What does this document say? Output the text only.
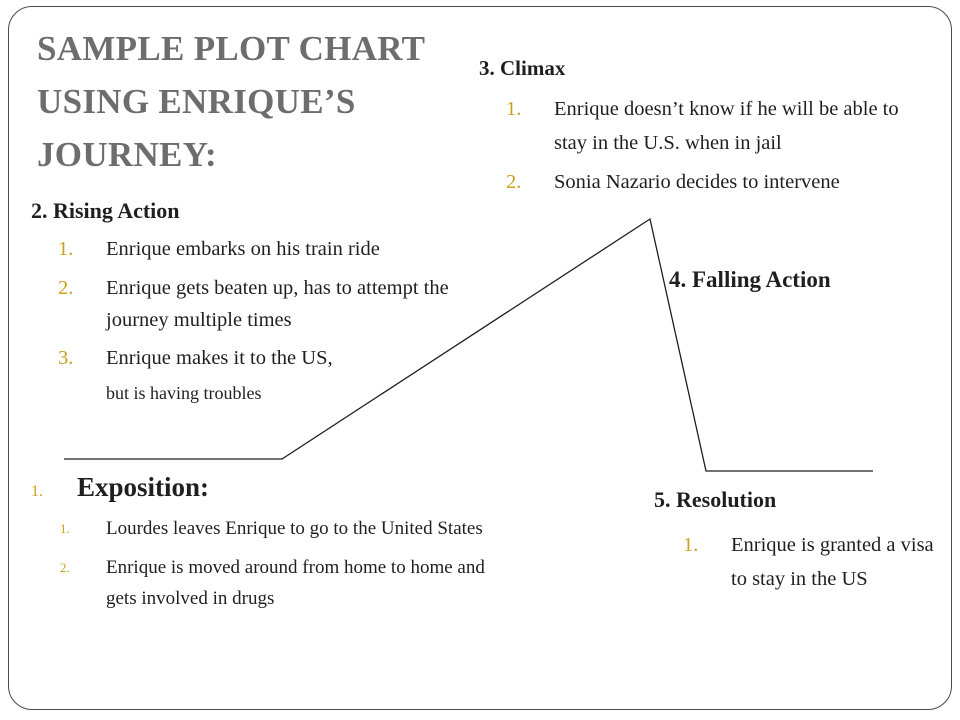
SAMPLE PLOT CHART
USING ENRIQUE’S
JOURNEY:
2. Rising Action
1. Enrique embarks on his train ride
2. Enrique gets beaten up, has to attempt the journey multiple times
3. Enrique makes it to the US,

but is having troubles

3. Climax
1. Enrique doesn’t know if he will be able to stay in the U.S. when in jail
2. Sonia Nazario decides to intervene
4. Falling Action
1. Exposition:
1. Lourdes leaves Enrique to go to the United States
2. Enrique is moved around from home to home and gets involved in drugs
5. Resolution
1. Enrique is granted a visa to stay in the US
